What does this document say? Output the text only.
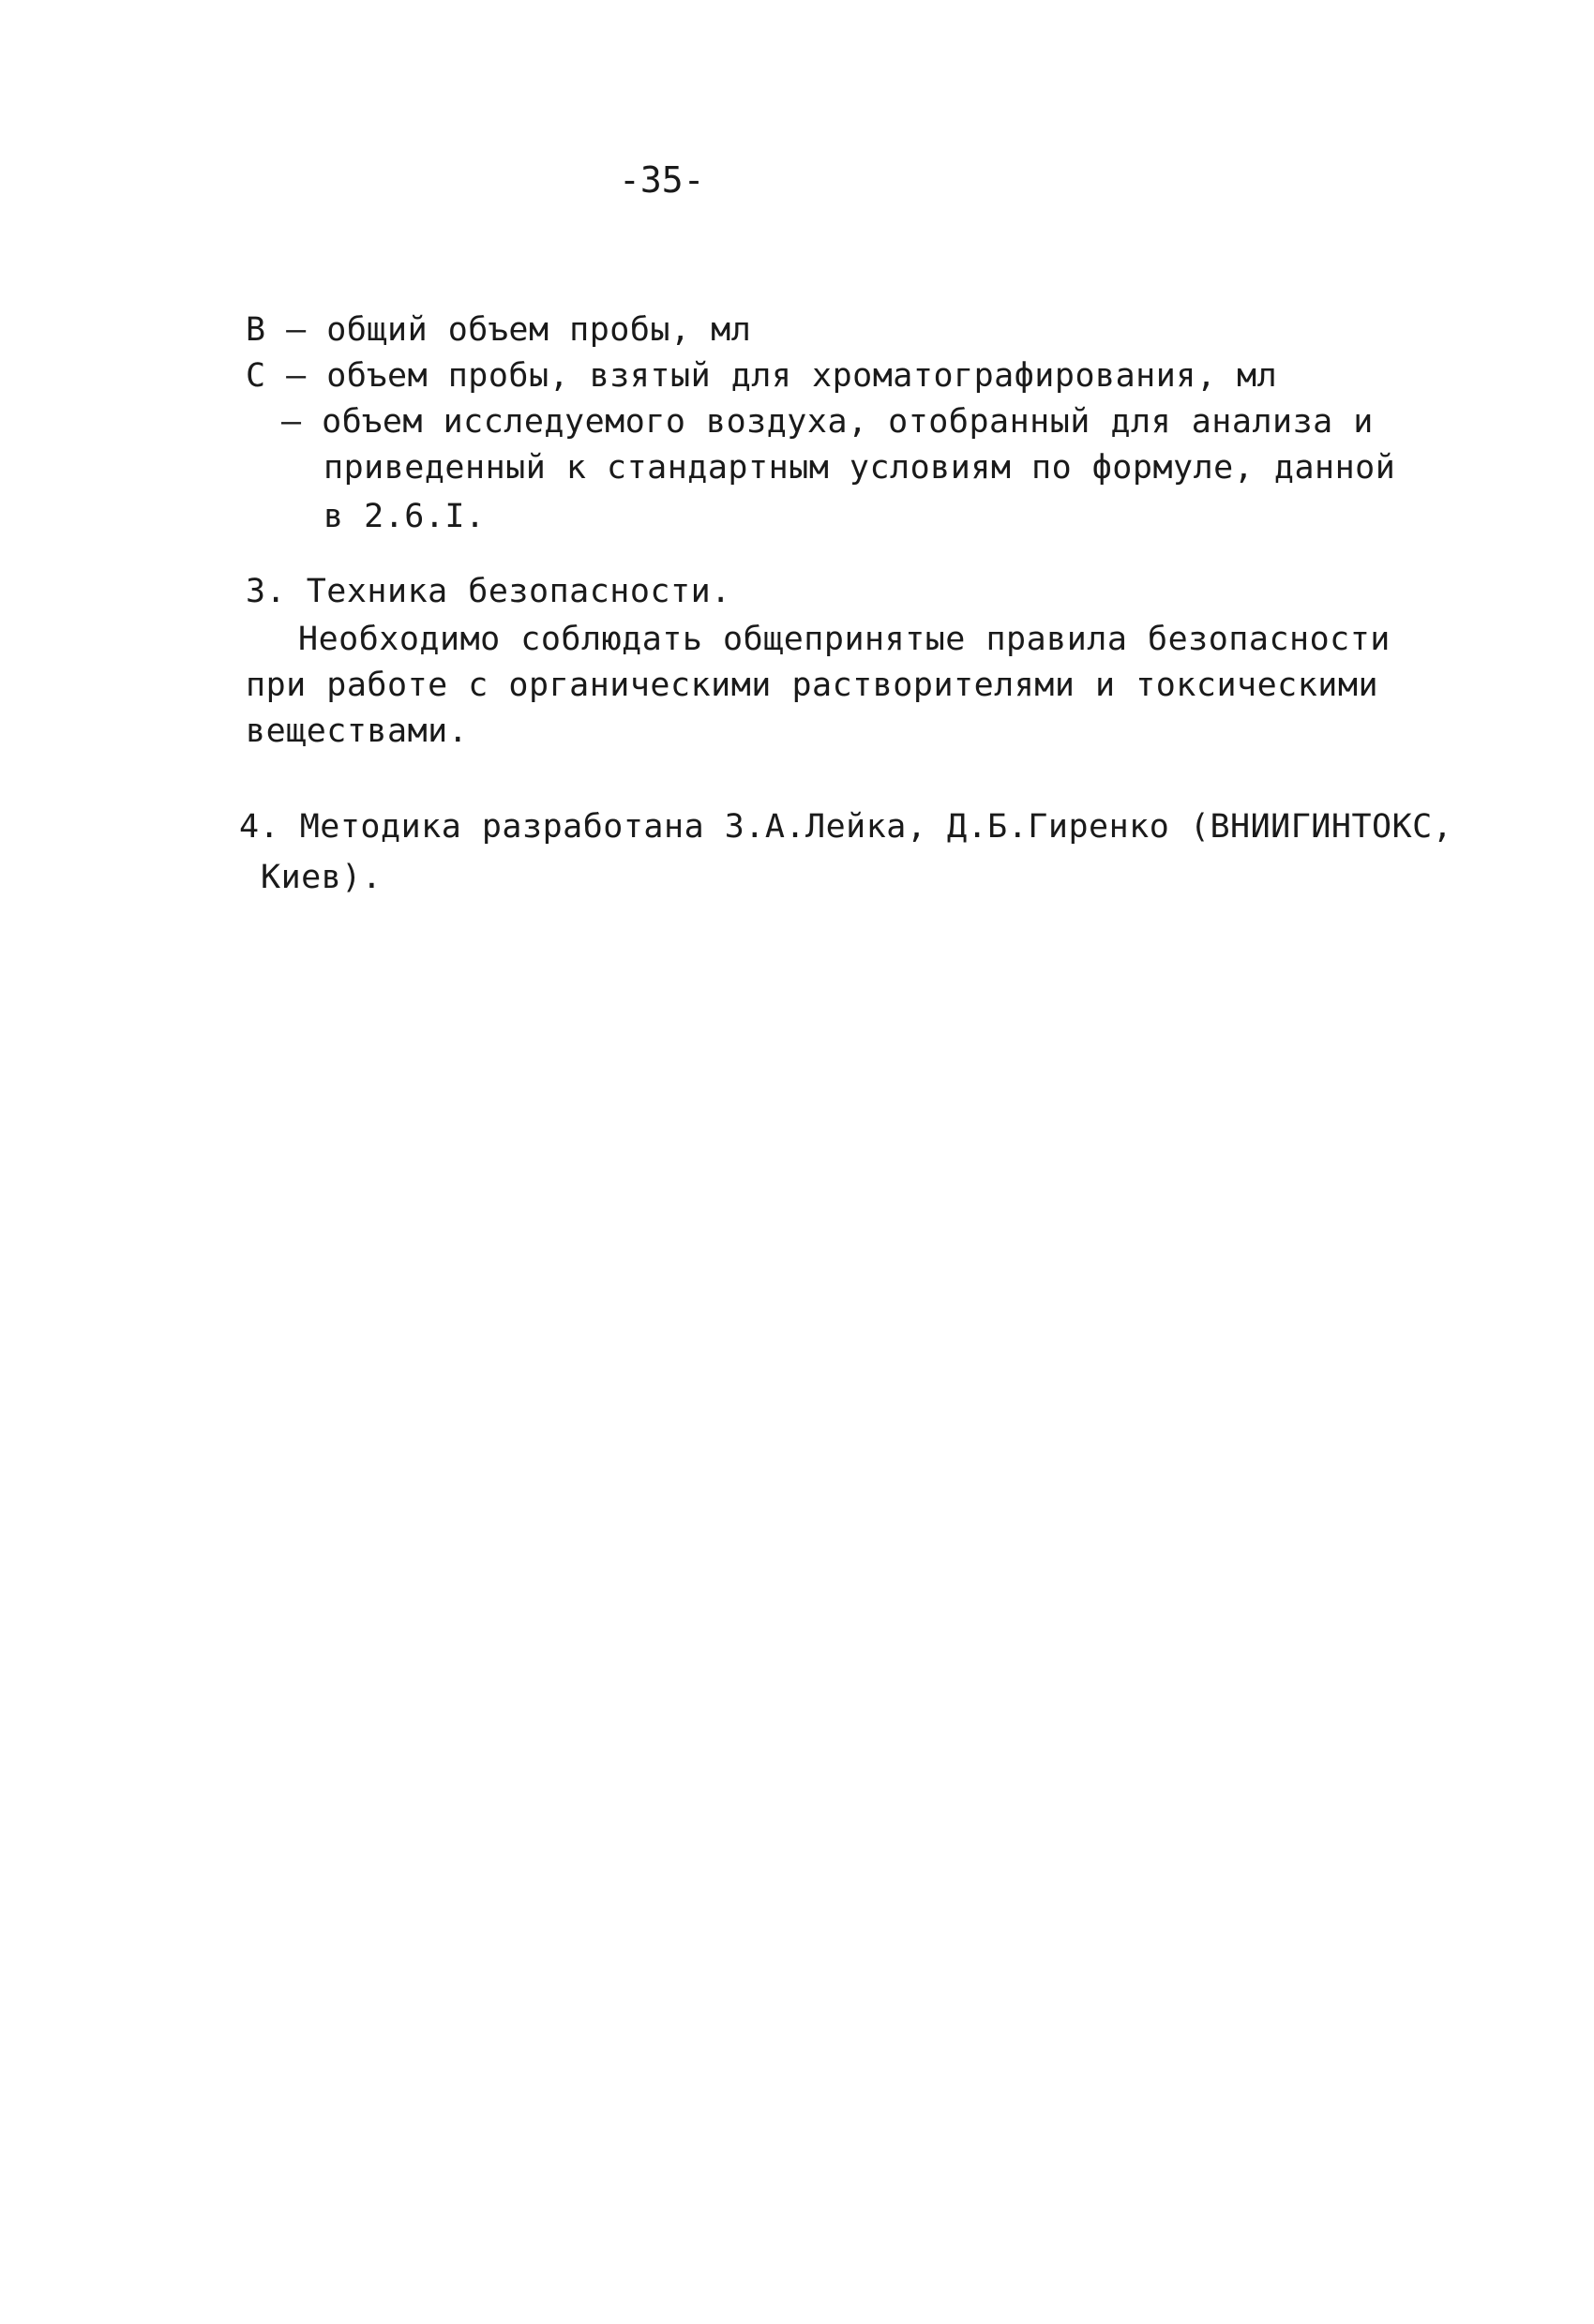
-35-
В – общий объем пробы, мл
С – объем пробы, взятый для хроматографирования, мл
– объем исследуемого воздуха, отобранный для анализа и
приведенный к стандартным условиям по формуле, данной
в 2.6.I.
3. Техника безопасности.
Необходимо соблюдать общепринятые правила безопасности
при работе с органическими растворителями и токсическими
веществами.
4. Методика разработана З.А.Лейка, Д.Б.Гиренко (ВНИИГИНТОКС,
Киев).
